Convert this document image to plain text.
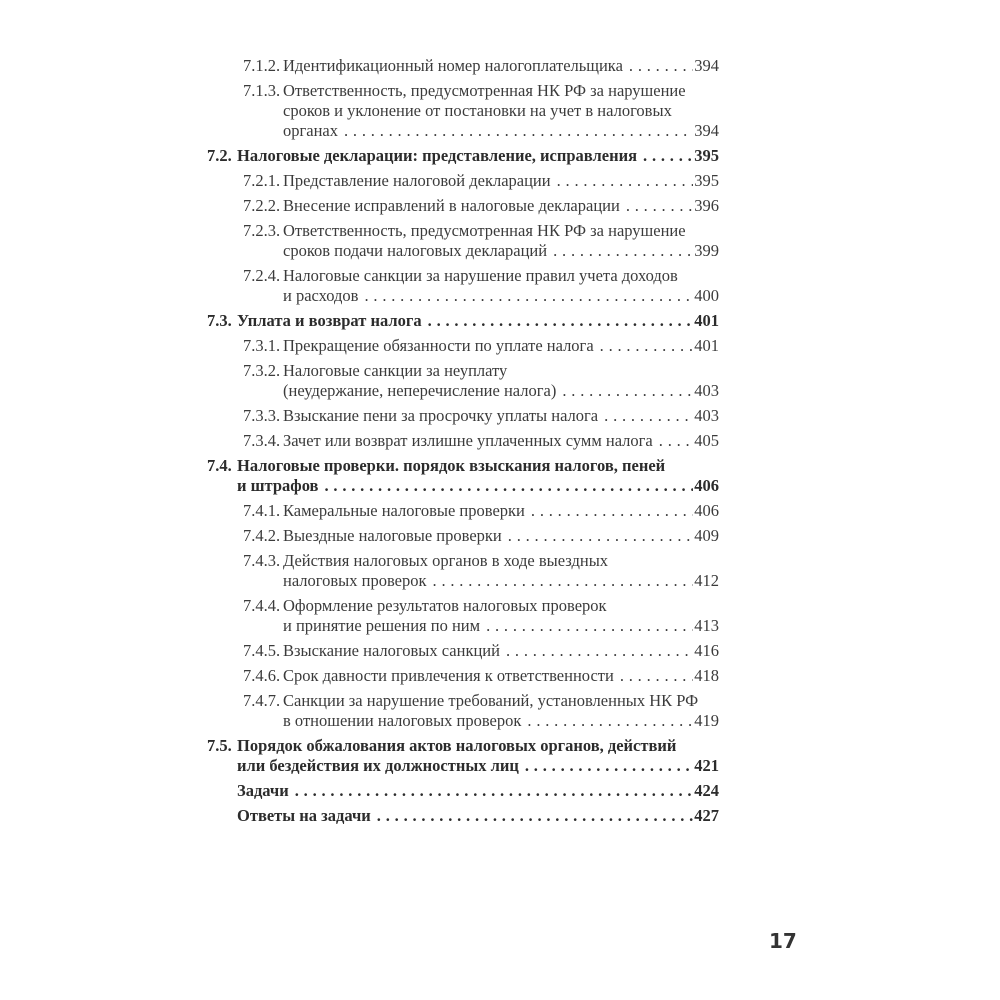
7.1.2. Идентификационный номер налогоплательщика .....	394
7.1.3. Ответственность, предусмотренная НК РФ за нарушение
сроков и уклонение от постановки на учет в налоговых
органах .....	394
7.2. Налоговые декларации: представление, исправления .....	395
7.2.1. Представление налоговой декларации .....	395
7.2.2. Внесение исправлений в налоговые декларации .....	396
7.2.3. Ответственность, предусмотренная НК РФ за нарушение
сроков подачи налоговых деклараций .....	399
7.2.4. Налоговые санкции за нарушение правил учета доходов
и расходов .....	400
7.3. Уплата и возврат налога .....	401
7.3.1. Прекращение обязанности по уплате налога .....	401
7.3.2. Налоговые санкции за неуплату
(неудержание, неперечисление налога) .....	403
7.3.3. Взыскание пени за просрочку уплаты налога .....	403
7.3.4. Зачет или возврат излишне уплаченных сумм налога .....	405
7.4. Налоговые проверки. порядок взыскания налогов, пеней
и штрафов .....	406
7.4.1. Камеральные налоговые проверки .....	406
7.4.2. Выездные налоговые проверки .....	409
7.4.3. Действия налоговых органов в ходе выездных
налоговых проверок .....	412
7.4.4. Оформление результатов налоговых проверок
и принятие решения по ним .....	413
7.4.5. Взыскание налоговых санкций .....	416
7.4.6. Срок давности привлечения к ответственности .....	418
7.4.7. Санкции за нарушение требований, установленных НК РФ
в отношении налоговых проверок .....	419
7.5. Порядок обжалования актов налоговых органов, действий
или бездействия их должностных лиц .....	421
Задачи .....	424
Ответы на задачи .....	427
17
